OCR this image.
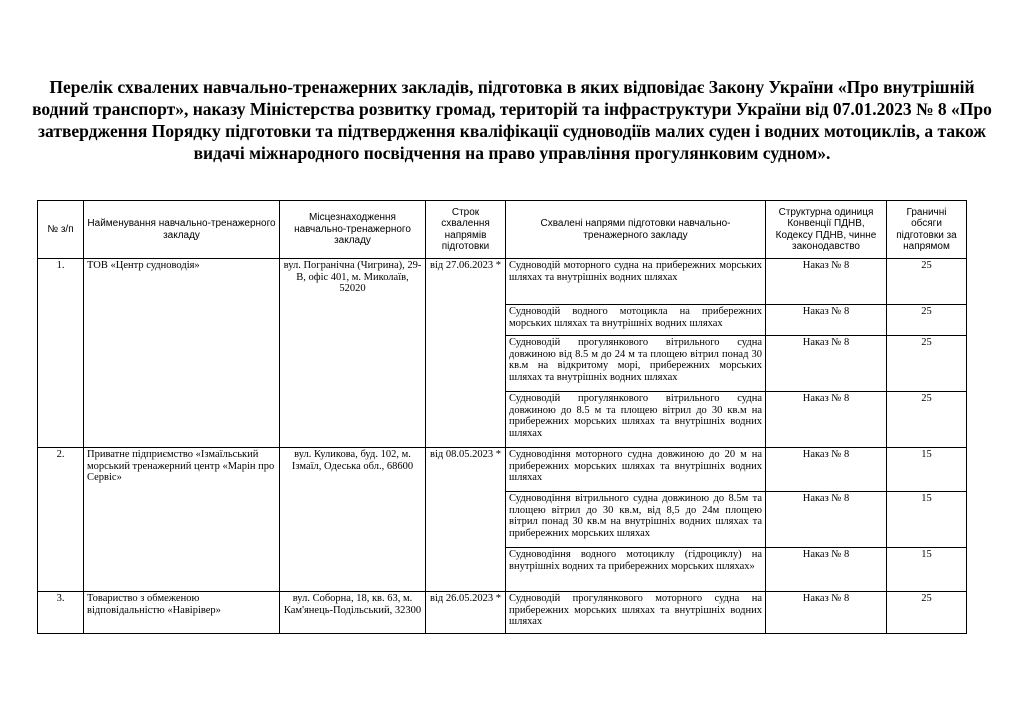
Перелік схвалених навчально-тренажерних закладів, підготовка в яких відповідає Закону України «Про внутрішній водний транспорт», наказу Міністерства розвитку громад, територій та інфраструктури України від 07.01.2023 № 8 «Про затвердження Порядку підготовки та підтвердження кваліфікації судноводіїв малих суден і водних мотоциклів, а також видачі міжнародного посвідчення на право управління прогулянковим судном».
№ з/п	Найменування навчально-тренажерного закладу	Місцезнаходження навчально-тренажерного закладу	Строк схвалення напрямів підготовки	Схвалені напрями підготовки навчально-тренажерного закладу	Структурна одиниця Конвенції ПДНВ, Кодексу ПДНВ, чинне законодавство	Граничні обсяги підготовки за напрямом
1.	ТОВ «Центр судноводія»	вул. Погранічна (Чигрина), 29-В, офіс 401, м. Миколаїв, 52020	від 27.06.2023 *	Судноводій моторного судна на прибережних морських шляхах та внутрішніх водних шляхах	Наказ № 8	25
				Судноводій водного мотоцикла на прибережних морських шляхах та внутрішніх водних шляхах	Наказ № 8	25
				Судноводій прогулянкового вітрильного судна довжиною від 8.5 м до 24 м та площею вітрил понад 30 кв.м на відкритому морі, прибережних морських шляхах та внутрішніх водних шляхах	Наказ № 8	25
				Судноводій прогулянкового вітрильного судна довжиною до 8.5 м та площею вітрил до 30 кв.м на прибережних морських шляхах та внутрішніх водних шляхах	Наказ № 8	25
2.	Приватне підприємство «Ізмаїльський морський тренажерний центр «Марін про Сервіс»	вул. Куликова, буд. 102, м. Ізмаїл, Одеська обл., 68600	від 08.05.2023 *	Судноводіння моторного судна довжиною до 20 м на прибережних морських шляхах та внутрішніх водних шляхах	Наказ № 8	15
				Судноводіння вітрильного судна довжиною до 8.5м та площею вітрил до 30 кв.м, від 8,5 до 24м площею вітрил понад 30 кв.м на внутрішніх водних шляхах та прибережних морських шляхах	Наказ № 8	15
				Судноводіння водного мотоциклу (гідроциклу) на внутрішніх водних та прибережних морських шляхах»	Наказ № 8	15
3.	Товариство з обмеженою відповідальністю «Навірівер»	вул. Соборна, 18, кв. 63, м. Кам'янець-Подільський, 32300	від 26.05.2023 *	Судноводій прогулянкового моторного судна на прибережних морських шляхах та внутрішніх водних шляхах	Наказ № 8	25
